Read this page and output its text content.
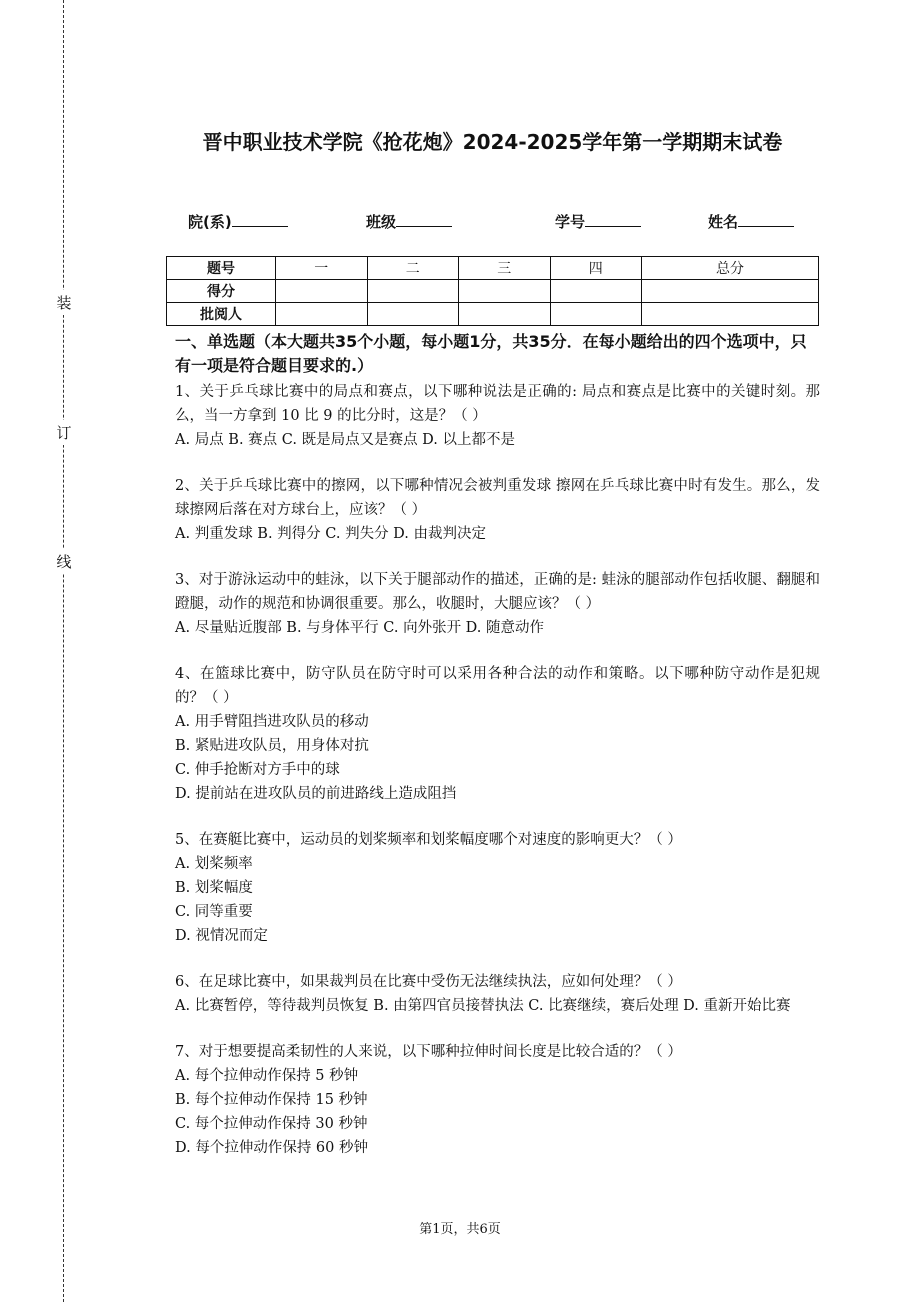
装
订
线
晋中职业技术学院《抢花炮》2024-2025学年第一学期期末试卷
院(系)	班级	学号	姓名
题号	一	二	三	四	总分
得分					
批阅人					
一、单选题（本大题共35个小题，每小题1分，共35分．在每小题给出的四个选项中，只有一项是符合题目要求的.）

1、关于乒乓球比赛中的局点和赛点，以下哪种说法是正确的: 局点和赛点是比赛中的关键时刻。那么，当一方拿到 10 比 9 的比分时，这是？（ ）

A. 局点 B. 赛点 C. 既是局点又是赛点 D. 以上都不是

2、关于乒乓球比赛中的擦网，以下哪种情况会被判重发球 擦网在乒乓球比赛中时有发生。那么，发球擦网后落在对方球台上，应该？（ ）

A. 判重发球 B. 判得分 C. 判失分 D. 由裁判决定

3、对于游泳运动中的蛙泳，以下关于腿部动作的描述，正确的是: 蛙泳的腿部动作包括收腿、翻腿和蹬腿，动作的规范和协调很重要。那么，收腿时，大腿应该？（ ）

A. 尽量贴近腹部 B. 与身体平行 C. 向外张开 D. 随意动作

4、在篮球比赛中，防守队员在防守时可以采用各种合法的动作和策略。以下哪种防守动作是犯规的？（ ）

A. 用手臂阻挡进攻队员的移动

B. 紧贴进攻队员，用身体对抗

C. 伸手抢断对方手中的球

D. 提前站在进攻队员的前进路线上造成阻挡

5、在赛艇比赛中，运动员的划桨频率和划桨幅度哪个对速度的影响更大？（ ）

A. 划桨频率

B. 划桨幅度

C. 同等重要

D. 视情况而定

6、在足球比赛中，如果裁判员在比赛中受伤无法继续执法，应如何处理？（ ）

A. 比赛暂停，等待裁判员恢复 B. 由第四官员接替执法 C. 比赛继续，赛后处理 D. 重新开始比赛

7、对于想要提高柔韧性的人来说，以下哪种拉伸时间长度是比较合适的？（ ）

A. 每个拉伸动作保持 5 秒钟

B. 每个拉伸动作保持 15 秒钟

C. 每个拉伸动作保持 30 秒钟

D. 每个拉伸动作保持 60 秒钟

第1页，共6页
